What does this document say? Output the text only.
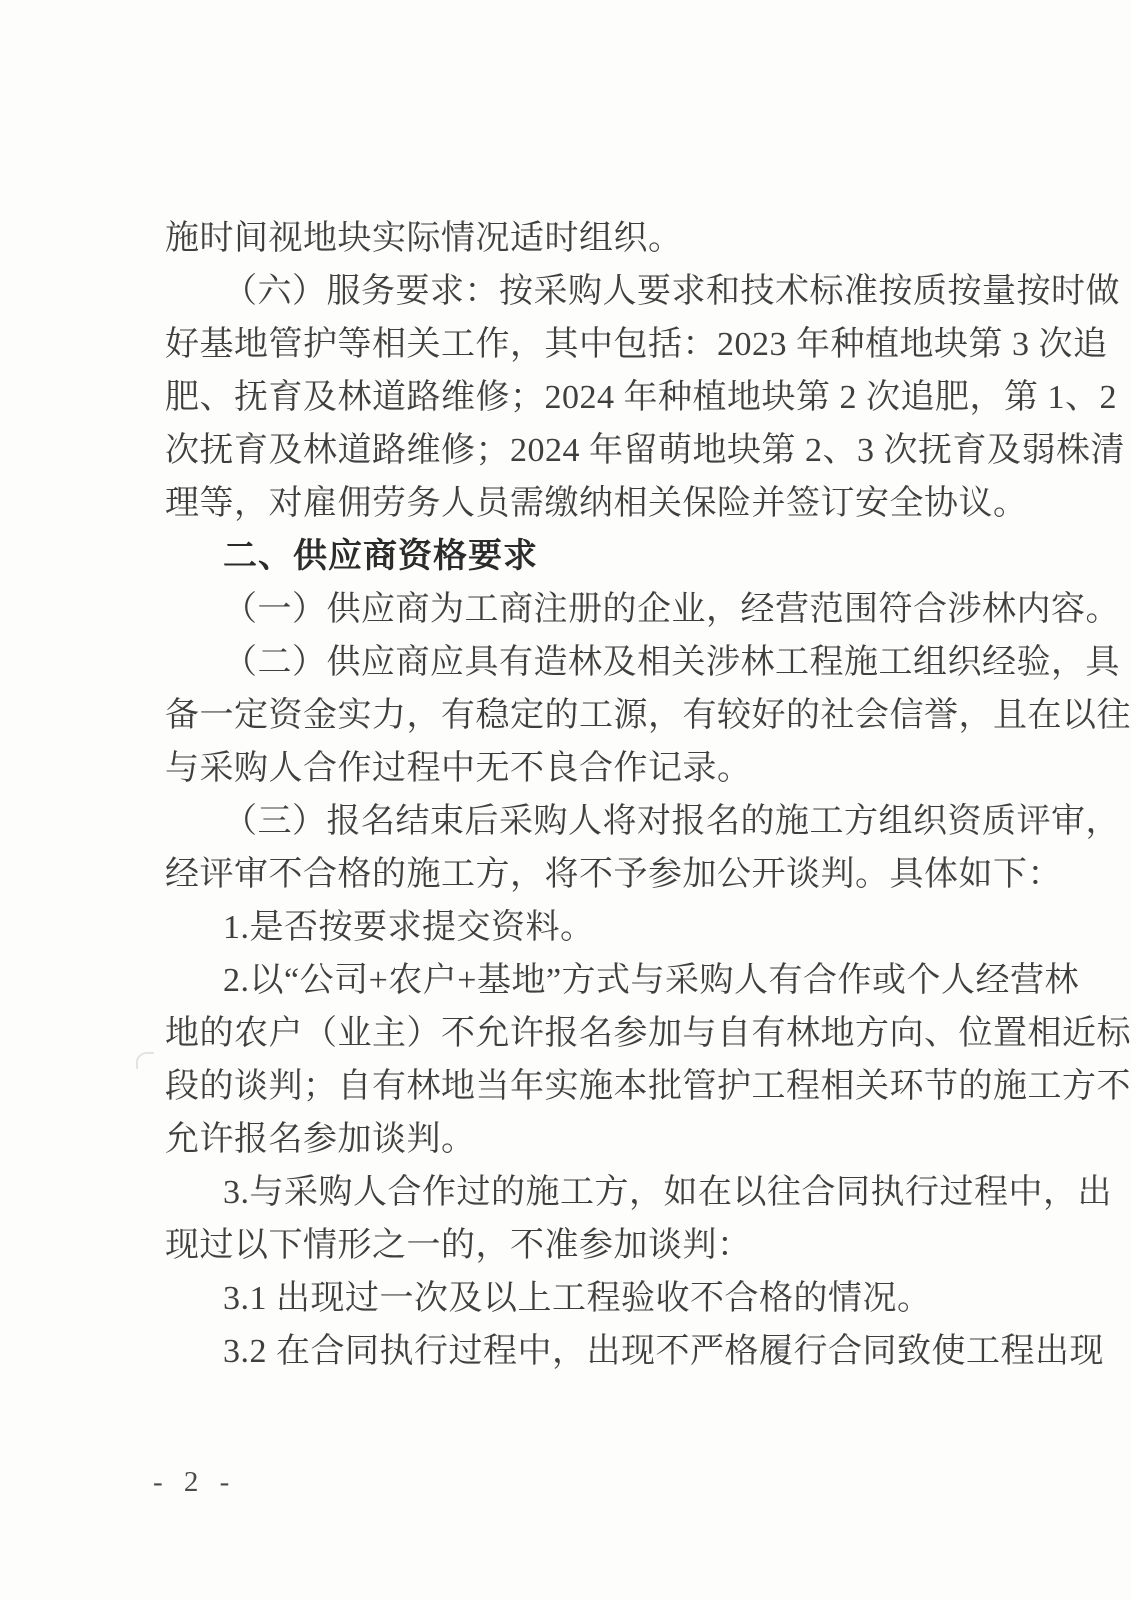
施时间视地块实际情况适时组织。
（六）服务要求：按采购人要求和技术标准按质按量按时做
好基地管护等相关工作，其中包括：2023 年种植地块第 3 次追
肥、抚育及林道路维修；2024 年种植地块第 2 次追肥，第 1、2
次抚育及林道路维修；2024 年留萌地块第 2、3 次抚育及弱株清
理等，对雇佣劳务人员需缴纳相关保险并签订安全协议。
二、供应商资格要求
（一）供应商为工商注册的企业，经营范围符合涉林内容。
（二）供应商应具有造林及相关涉林工程施工组织经验，具
备一定资金实力，有稳定的工源，有较好的社会信誉，且在以往
与采购人合作过程中无不良合作记录。
（三）报名结束后采购人将对报名的施工方组织资质评审，
经评审不合格的施工方，将不予参加公开谈判。具体如下：
1.是否按要求提交资料。
2.以“公司+农户+基地”方式与采购人有合作或个人经营林
地的农户（业主）不允许报名参加与自有林地方向、位置相近标
段的谈判；自有林地当年实施本批管护工程相关环节的施工方不
允许报名参加谈判。
3.与采购人合作过的施工方，如在以往合同执行过程中，出
现过以下情形之一的，不准参加谈判：
3.1 出现过一次及以上工程验收不合格的情况。
3.2 在合同执行过程中，出现不严格履行合同致使工程出现
- 2 -
